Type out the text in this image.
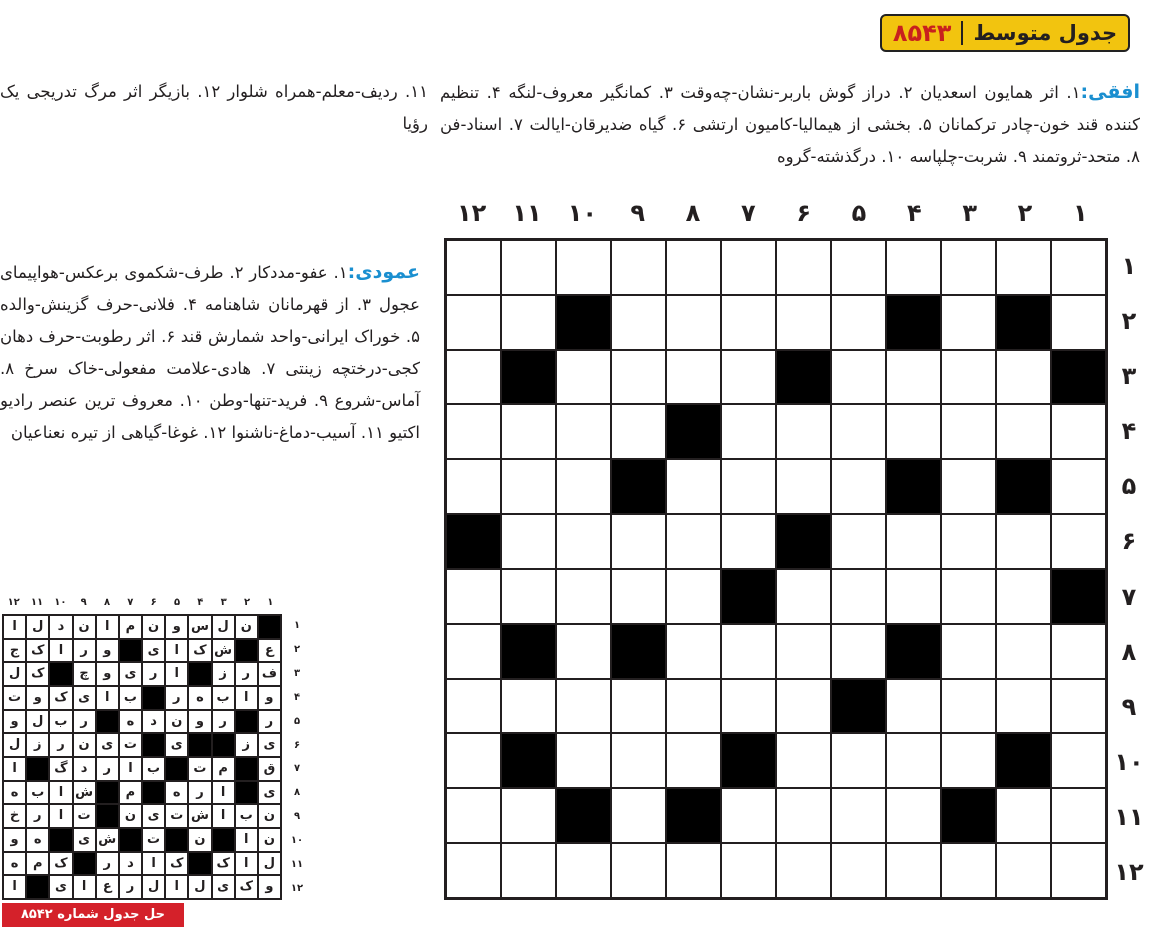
جدول متوسط
۸۵۴۳
افقی:۱. اثر همایون اسعدیان ۲. دراز گوش باربر-نشان-چه‌وقت ۳. کمانگیر معروف-لنگه ۴. تنظیم کننده قند خون-چادر ترکمانان ۵. بخشی از هیمالیا-کامیون ارتشی ۶. گیاه ضدیرقان-ایالت ۷. اسناد-فن ۸. متحد-ثروتمند ۹. شربت-چلپاسه ۱۰. درگذشته-گروه
۱۱. ردیف-معلم-همراه شلوار ۱۲. بازیگر اثر مرگ تدریجی یک رؤیا
عمودی:۱. عفو-مددکار ۲. طرف-شکموی برعکس-هواپیمای عجول ۳. از قهرمانان شاهنامه ۴. فلانی-حرف گزینش-والده ۵. خوراک ایرانی-واحد شمارش قند ۶. اثر رطوبت-حرف دهان کجی-درختچه زینتی ۷. هادی-علامت مفعولی-خاک سرخ ۸. آماس-شروع ۹. فرید-تنها-وطن ۱۰. معروف ترین عنصر رادیو اکتیو ۱۱. آسیب-دماغ-ناشنوا ۱۲. غوغا-گیاهی از تیره نعناعیان
۱
۲
۳
۴
۵
۶
۷
۸
۹
۱۰
۱۱
۱۲
۱
۲
۳
۴
۵
۶
۷
۸
۹
۱۰
۱۱
۱۲
۱
۲
۳
۴
۵
۶
۷
۸
۹
۱۰
۱۱
۱۲
ن
ل
س
و
ن
م
ا
ن
د
ل
ا
ع
ش
ک
ا
ی
و
ر
ا
ک
ج
ف
ر
ز
ا
ر
ی
و
چ
ک
ل
و
ا
ب
ه
ر
ب
ا
ی
ک
و
ت
ر
ر
و
ن
د
ه
ر
ب
ل
و
ی
ز
ی
ت
ی
ن
ر
ز
ل
ق
م
ت
ب
ا
ر
د
گ
ا
ی
ا
ر
ه
م
ش
ا
ب
ه
ن
ب
ا
ش
ت
ی
ن
ت
ا
ر
خ
ن
ا
ن
ت
ش
ی
ه
و
ل
ا
ک
ک
ا
د
ر
ک
م
ه
و
ک
ی
ل
ا
ل
ر
ع
ا
ی
ا
۱
۲
۳
۴
۵
۶
۷
۸
۹
۱۰
۱۱
۱۲
حل جدول شماره ۸۵۴۲
